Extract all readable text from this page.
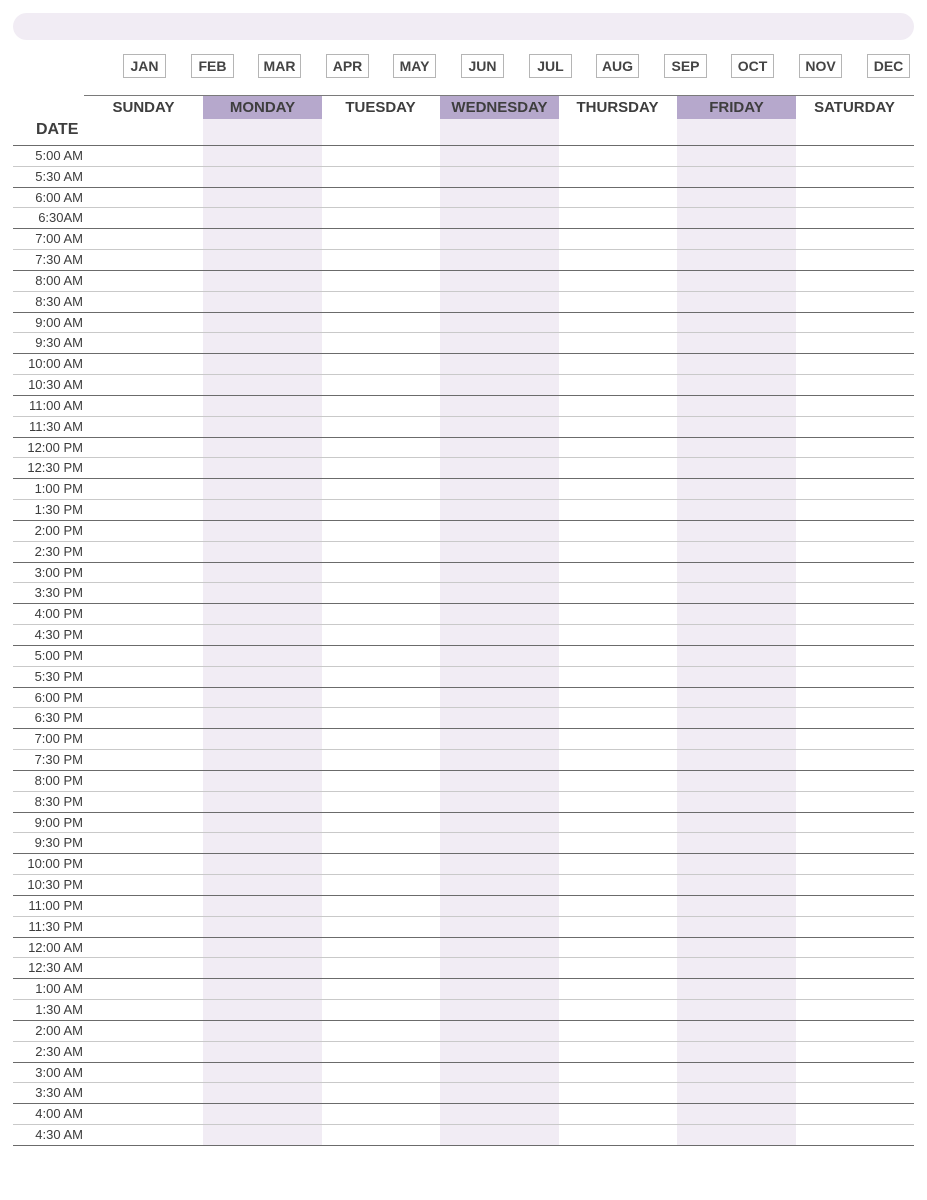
JAN	FEB	MAR	APR	MAY	JUN	JUL	AUG	SEP	OCT	NOV	DEC
SUNDAY	MONDAY	TUESDAY	WEDNESDAY	THURSDAY	FRIDAY	SATURDAY
DATE
5:00 AM
5:30 AM
6:00 AM
6:30AM
7:00 AM
7:30 AM
8:00 AM
8:30 AM
9:00 AM
9:30 AM
10:00 AM
10:30 AM
11:00 AM
11:30 AM
12:00 PM
12:30 PM
1:00 PM
1:30 PM
2:00 PM
2:30 PM
3:00 PM
3:30 PM
4:00 PM
4:30 PM
5:00 PM
5:30 PM
6:00 PM
6:30 PM
7:00 PM
7:30 PM
8:00 PM
8:30 PM
9:00 PM
9:30 PM
10:00 PM
10:30 PM
11:00 PM
11:30 PM
12:00 AM
12:30 AM
1:00 AM
1:30 AM
2:00 AM
2:30 AM
3:00 AM
3:30 AM
4:00 AM
4:30 AM
